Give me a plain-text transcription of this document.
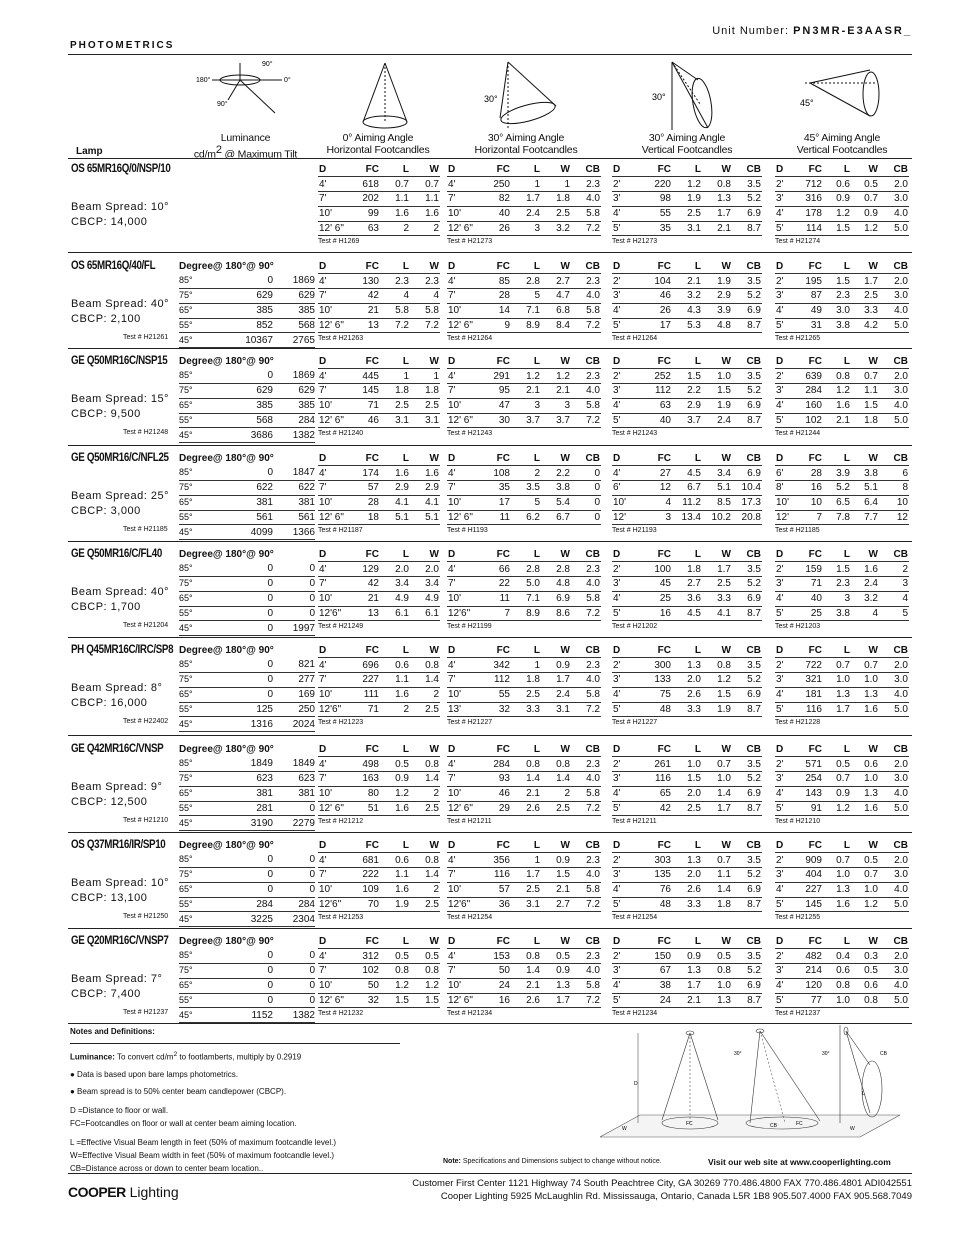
Unit Number: PN3MR-E3AASR_
PHOTOMETRICS
90°
180°	0°
90°
30°	30°
45°
Lamp
Luminance
$cd/m^2$ @ Maximum Tilt
0° Aiming Angle
Horizontal Footcandles
30° Aiming Angle
Horizontal Footcandles
30° Aiming Angle
Vertical Footcandles
45° Aiming Angle
Vertical Footcandles
OS 65MR16Q/0/NSP/10
Beam Spread: 10°
CBCP: 14,000
D	FC	L	W
4'	618	0.7	0.7
7'	202	1.1	1.1
10'	99	1.6	1.6
12' 6"	63	2	2
Test # H1269
D	FC	L	W	CB
4'	250	1	1	2.3
7'	82	1.7	1.8	4.0
10'	40	2.4	2.5	5.8
12' 6"	26	3	3.2	7.2
Test # H21273
D	FC	L	W	CB
2'	220	1.2	0.8	3.5
3'	98	1.9	1.3	5.2
4'	55	2.5	1.7	6.9
5'	35	3.1	2.1	8.7
Test # H21273
D	FC	L	W	CB
2'	712	0.6	0.5	2.0
3'	316	0.9	0.7	3.0
4'	178	1.2	0.9	4.0
5'	114	1.5	1.2	5.0
Test # H21274
OS 65MR16Q/40/FL
Beam Spread: 40°
CBCP: 2,100
Degree@ 180°@ 90°		
85°	0	1869
75°	629	629
65°	385	385
55°	852	568
45°	10367	2765
Test # H21261
D	FC	L	W
4'	130	2.3	2.3
7'	42	4	4
10'	21	5.8	5.8
12' 6"	13	7.2	7.2
Test # H21263
D	FC	L	W	CB
4'	85	2.8	2.7	2.3
7'	28	5	4.7	4.0
10'	14	7.1	6.8	5.8
12' 6"	9	8.9	8.4	7.2
Test # H21264
D	FC	L	W	CB
2'	104	2.1	1.9	3.5
3'	46	3.2	2.9	5.2
4'	26	4.3	3.9	6.9
5'	17	5.3	4.8	8.7
Test # H21264
D	FC	L	W	CB
2'	195	1.5	1.7	2.0
3'	87	2.3	2.5	3.0
4'	49	3.0	3.3	4.0
5'	31	3.8	4.2	5.0
Test # H21265
GE Q50MR16C/NSP15
Beam Spread: 15°
CBCP: 9,500
Degree@ 180°@ 90°		
85°	0	1869
75°	629	629
65°	385	385
55°	568	284
45°	3686	1382
Test # H21248
D	FC	L	W
4'	445	1	1
7'	145	1.8	1.8
10'	71	2.5	2.5
12' 6"	46	3.1	3.1
Test # H21240
D	FC	L	W	CB
4'	291	1.2	1.2	2.3
7'	95	2.1	2.1	4.0
10'	47	3	3	5.8
12' 6"	30	3.7	3.7	7.2
Test # H21243
D	FC	L	W	CB
2'	252	1.5	1.0	3.5
3'	112	2.2	1.5	5.2
4'	63	2.9	1.9	6.9
5'	40	3.7	2.4	8.7
Test # H21243
D	FC	L	W	CB
2'	639	0.8	0.7	2.0
3'	284	1.2	1.1	3.0
4'	160	1.6	1.5	4.0
5'	102	2.1	1.8	5.0
Test # H21244
GE Q50MR16/C/NFL25
Beam Spread: 25°
CBCP: 3,000
Degree@ 180°@ 90°		
85°	0	1847
75°	622	622
65°	381	381
55°	561	561
45°	4099	1366
Test # H21185
D	FC	L	W
4'	174	1.6	1.6
7'	57	2.9	2.9
10'	28	4.1	4.1
12' 6"	18	5.1	5.1
Test # H21187
D	FC	L	W	CB
4'	108	2	2.2	0
7'	35	3.5	3.8	0
10'	17	5	5.4	0
12' 6"	11	6.2	6.7	0
Test # H1193
D	FC	L	W	CB
4'	27	4.5	3.4	6.9
6'	12	6.7	5.1	10.4
10'	4	11.2	8.5	17.3
12'	3	13.4	10.2	20.8
Test # H21193
D	FC	L	W	CB
6'	28	3.9	3.8	6
8'	16	5.2	5.1	8
10'	10	6.5	6.4	10
12'	7	7.8	7.7	12
Test # H21185
GE Q50MR16/C/FL40
Beam Spread: 40°
CBCP: 1,700
Degree@ 180°@ 90°		
85°	0	0
75°	0	0
65°	0	0
55°	0	0
45°	0	1997
Test # H21204
D	FC	L	W
4'	129	2.0	2.0
7'	42	3.4	3.4
10'	21	4.9	4.9
12'6"	13	6.1	6.1
Test # H21249
D	FC	L	W	CB
4'	66	2.8	2.8	2.3
7'	22	5.0	4.8	4.0
10'	11	7.1	6.9	5.8
12'6"	7	8.9	8.6	7.2
Test # H21199
D	FC	L	W	CB
2'	100	1.8	1.7	3.5
3'	45	2.7	2.5	5.2
4'	25	3.6	3.3	6.9
5'	16	4.5	4.1	8.7
Test # H21202
D	FC	L	W	CB
2'	159	1.5	1.6	2
3'	71	2.3	2.4	3
4'	40	3	3.2	4
5'	25	3.8	4	5
Test # H21203
PH Q45MR16C/IRC/SP8
Beam Spread: 8°
CBCP: 16,000
Degree@ 180°@ 90°		
85°	0	821
75°	0	277
65°	0	169
55°	125	250
45°	1316	2024
Test # H22402
D	FC	L	W
4'	696	0.6	0.8
7'	227	1.1	1.4
10'	111	1.6	2
12'6"	71	2	2.5
Test # H21223
D	FC	L	W	CB
4'	342	1	0.9	2.3
7'	112	1.8	1.7	4.0
10'	55	2.5	2.4	5.8
13'	32	3.3	3.1	7.2
Test # H21227
D	FC	L	W	CB
2'	300	1.3	0.8	3.5
3'	133	2.0	1.2	5.2
4'	75	2.6	1.5	6.9
5'	48	3.3	1.9	8.7
Test # H21227
D	FC	L	W	CB
2'	722	0.7	0.7	2.0
3'	321	1.0	1.0	3.0
4'	181	1.3	1.3	4.0
5'	116	1.7	1.6	5.0
Test # H21228
GE Q42MR16C/VNSP
Beam Spread: 9°
CBCP: 12,500
Degree@ 180°@ 90°		
85°	1849	1849
75°	623	623
65°	381	381
55°	281	0
45°	3190	2279
Test # H21210
D	FC	L	W
4'	498	0.5	0.8
7'	163	0.9	1.4
10'	80	1.2	2
12' 6"	51	1.6	2.5
Test # H21212
D	FC	L	W	CB
4'	284	0.8	0.8	2.3
7'	93	1.4	1.4	4.0
10'	46	2.1	2	5.8
12' 6"	29	2.6	2.5	7.2
Test # H21211
D	FC	L	W	CB
2'	261	1.0	0.7	3.5
3'	116	1.5	1.0	5.2
4'	65	2.0	1.4	6.9
5'	42	2.5	1.7	8.7
Test # H21211
D	FC	L	W	CB
2'	571	0.5	0.6	2.0
3'	254	0.7	1.0	3.0
4'	143	0.9	1.3	4.0
5'	91	1.2	1.6	5.0
Test # H21210
OS Q37MR16/IR/SP10
Beam Spread: 10°
CBCP: 13,100
Degree@ 180°@ 90°		
85°	0	0
75°	0	0
65°	0	0
55°	284	284
45°	3225	2304
Test # H21250
D	FC	L	W
4'	681	0.6	0.8
7'	222	1.1	1.4
10'	109	1.6	2
12'6"	70	1.9	2.5
Test # H21253
D	FC	L	W	CB
4'	356	1	0.9	2.3
7'	116	1.7	1.5	4.0
10'	57	2.5	2.1	5.8
12'6"	36	3.1	2.7	7.2
Test # H21254
D	FC	L	W	CB
2'	303	1.3	0.7	3.5
3'	135	2.0	1.1	5.2
4'	76	2.6	1.4	6.9
5'	48	3.3	1.8	8.7
Test # H21254
D	FC	L	W	CB
2'	909	0.7	0.5	2.0
3'	404	1.0	0.7	3.0
4'	227	1.3	1.0	4.0
5'	145	1.6	1.2	5.0
Test # H21255
GE Q20MR16C/VNSP7
Beam Spread: 7°
CBCP: 7,400
Degree@ 180°@ 90°		
85°	0	0
75°	0	0
65°	0	0
55°	0	0
45°	1152	1382
Test # H21237
D	FC	L	W
4'	312	0.5	0.5
7'	102	0.8	0.8
10'	50	1.2	1.2
12' 6"	32	1.5	1.5
Test # H21232
D	FC	L	W	CB
4'	153	0.8	0.5	2.3
7'	50	1.4	0.9	4.0
10'	24	2.1	1.3	5.8
12' 6"	16	2.6	1.7	7.2
Test # H21234
D	FC	L	W	CB
2'	150	0.9	0.5	3.5
3'	67	1.3	0.8	5.2
4'	38	1.7	1.0	6.9
5'	24	2.1	1.3	8.7
Test # H21234
D	FC	L	W	CB
2'	482	0.4	0.3	2.0
3'	214	0.6	0.5	3.0
4'	120	0.8	0.6	4.0
5'	77	1.0	0.8	5.0
Test # H21237

Notes and Definitions:

Luminance: To convert $cd/m^2$ to footlamberts, multiply by 0.2919

● Data is based upon bare lamps photometrics.

● Beam spread is to 50% center beam candlepower (CBCP).

D =Distance to floor or wall.

FC=Footcandles on floor or wall at center beam aiming location.

L =Effective Visual Beam length in feet (50% of maximum footcandle level.)

W=Effective Visual Beam width in feet (50% of maximum footcandle level.)

CB=Distance across or down to center beam location..

D
W
FC
30°
CB	FC
30°	CB
L
W
Note: Specifications and Dimensions subject to change without notice.	Visit our web site at www.cooperlighting.com
Customer First Center 1121 Highway 74 South Peachtree City, GA 30269 770.486.4800 FAX 770.486.4801 ADI042551
Cooper Lighting 5925 McLaughlin Rd. Mississauga, Ontario, Canada L5R 1B8 905.507.4000 FAX 905.568.7049
COOPER Lighting
